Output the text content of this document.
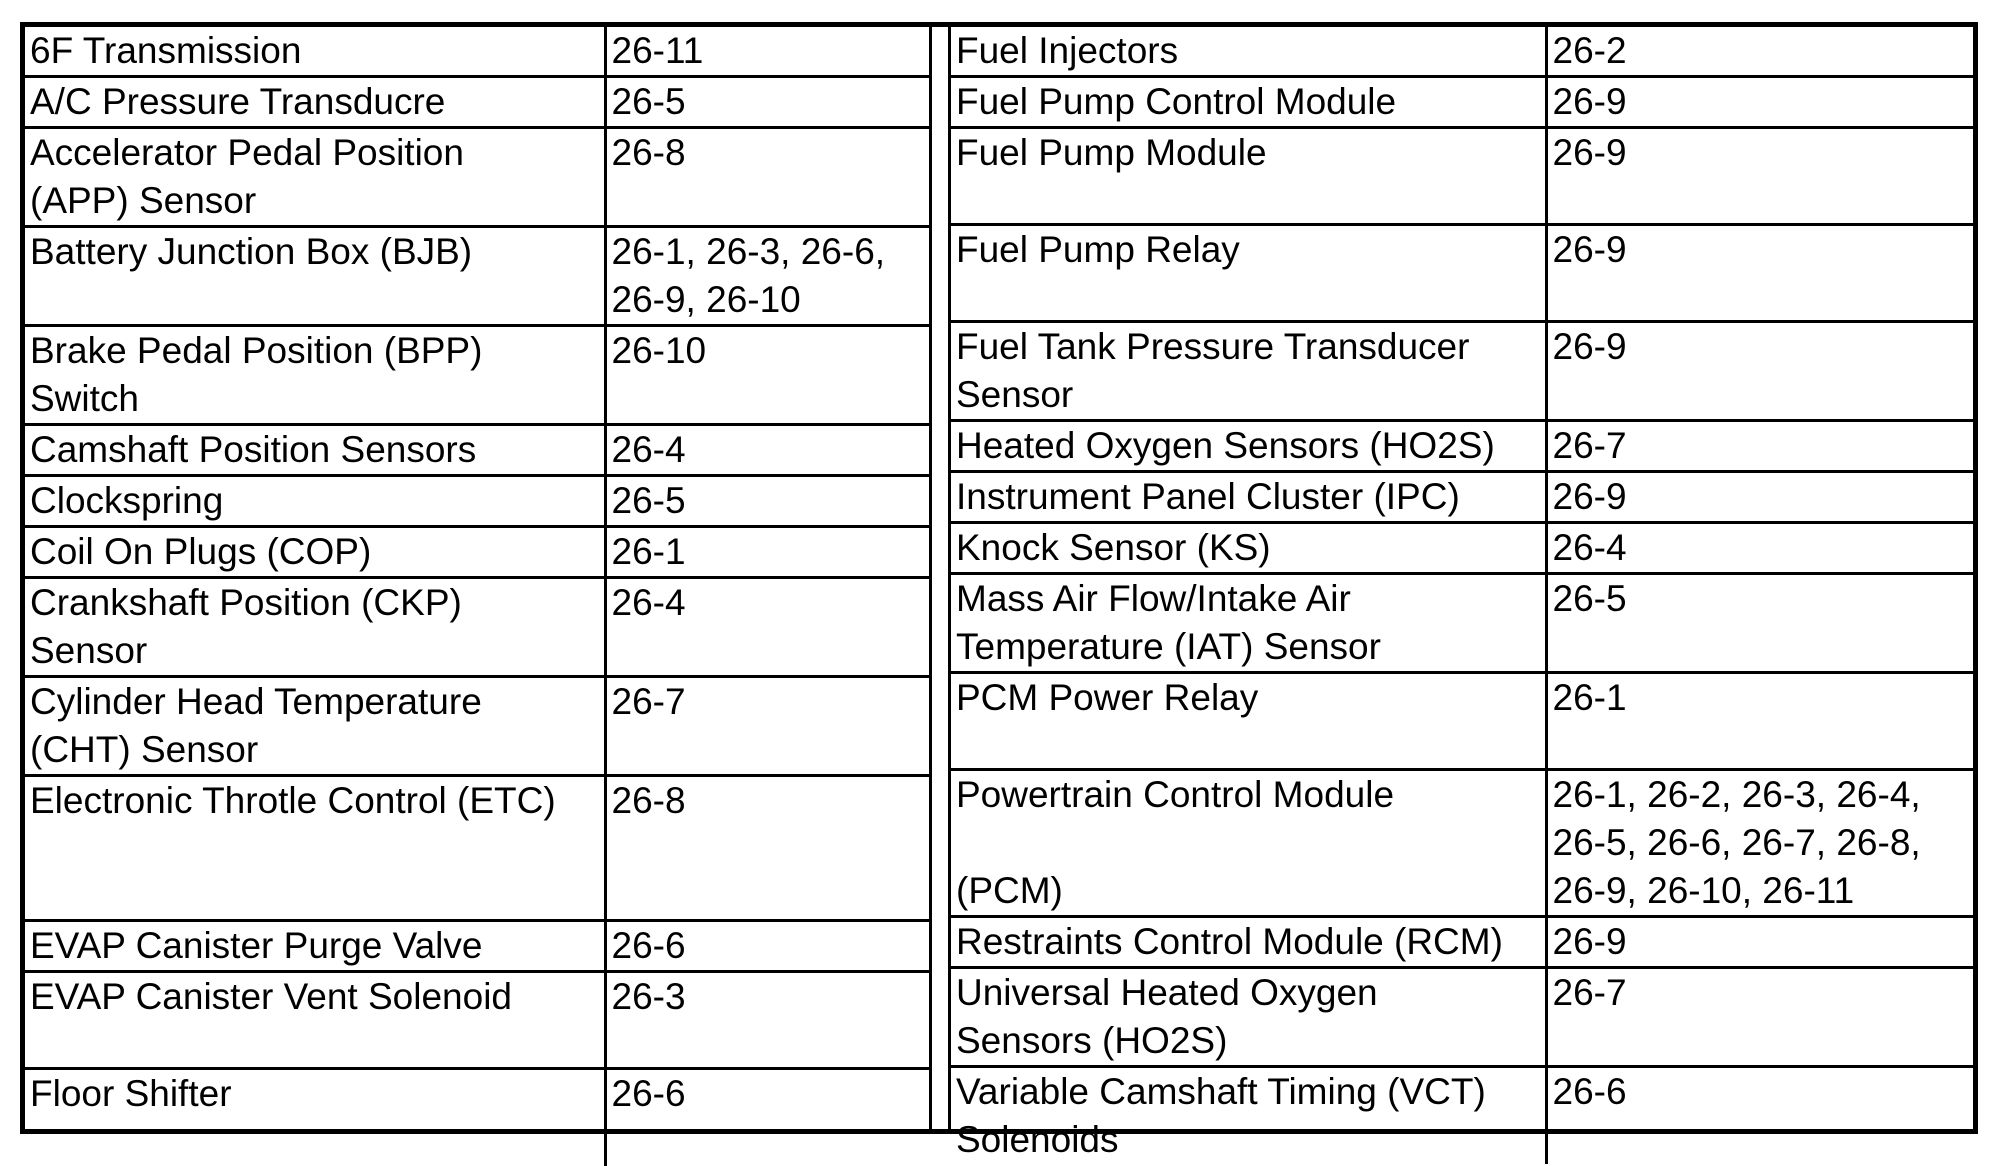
6F Transmission	26-11

A/C Pressure Transducre	26-5

Accelerator Pedal Position
(APP) Sensor	26-8

Battery Junction Box (BJB)	26-1, 26-3, 26-6,
26-9, 26-10

Brake Pedal Position (BPP)
Switch	26-10

Camshaft Position Sensors	26-4

Clockspring	26-5

Coil On Plugs (COP)	26-1

Crankshaft Position (CKP)
Sensor	26-4

Cylinder Head Temperature
(CHT) Sensor	26-7

Electronic Throtle Control (ETC)	26-8

EVAP Canister Purge Valve	26-6

EVAP Canister Vent Solenoid	26-3

Floor Shifter	26-6
Fuel Injectors	26-2

Fuel Pump Control Module	26-9

Fuel Pump Module	26-9

Fuel Pump Relay	26-9

Fuel Tank Pressure Transducer
Sensor	26-9

Heated Oxygen Sensors (HO2S)	26-7

Instrument Panel Cluster (IPC)	26-9

Knock Sensor (KS)	26-4

Mass Air Flow/Intake Air
Temperature (IAT) Sensor	26-5

PCM Power Relay	26-1

Powertrain Control Module
(PCM)	26-1, 26-2, 26-3, 26-4,
26-5, 26-6, 26-7, 26-8,
26-9, 26-10, 26-11

Restraints Control Module (RCM)	26-9

Universal Heated Oxygen
Sensors (HO2S)	26-7

Variable Camshaft Timing (VCT)
Solenoids	26-6
